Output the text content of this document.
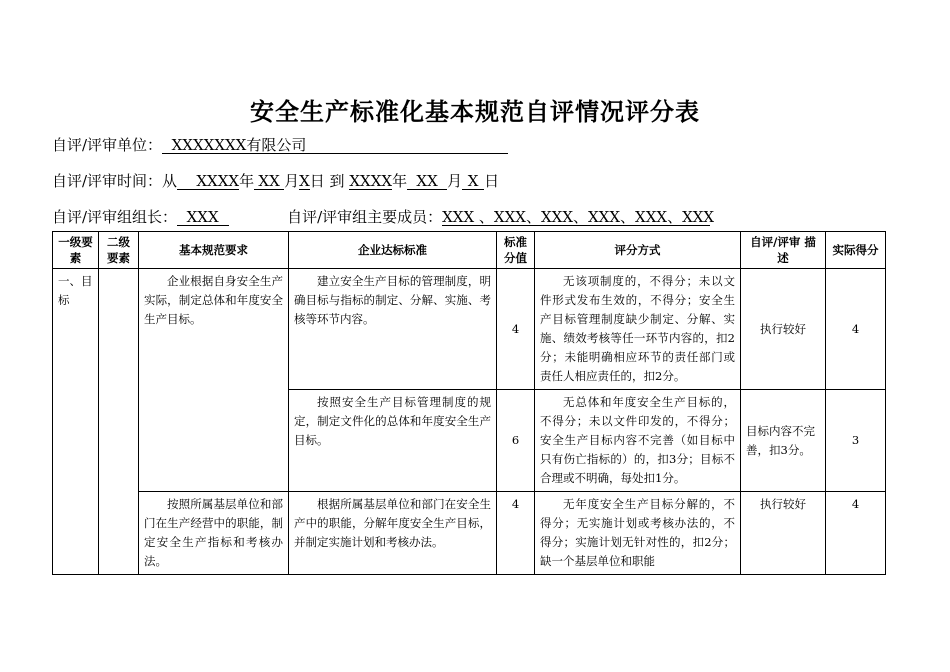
安全生产标准化基本规范自评情况评分表
自评/评审单位： XXXXXXX有限公司
自评/评审时间：从 XXXX年 XX 月X日 到 XXXX年 XX 月 X 日
自评/评审组组长： XXX	自评/评审组主要成员：XXX 、XXX、XXX、XXX、XXX、XXX
一级要素	二级要素	基本规范要求	企业达标标准	标准分值	评分方式	自评/评审 描 述	实际得分
一、目标		企业根据自身安全生产实际，制定总体和年度安全生产目标。	建立安全生产目标的管理制度，明确目标与指标的制定、分解、实施、考核等环节内容。	4	无该项制度的，不得分；未以文件形式发布生效的，不得分；安全生产目标管理制度缺少制定、分解、实施、绩效考核等任一环节内容的，扣2分；未能明确相应环节的责任部门或责任人相应责任的，扣2分。	执行较好	4
			按照安全生产目标管理制度的规定，制定文件化的总体和年度安全生产目标。	6	无总体和年度安全生产目标的，不得分；未以文件印发的，不得分；安全生产目标内容不完善（如目标中只有伤亡指标的）的，扣3分；目标不合理或不明确，每处扣1分。	目标内容不完善，扣3分。	3
		按照所属基层单位和部门在生产经营中的职能，制定安全生产指标和考核办法。	根据所属基层单位和部门在安全生产中的职能，分解年度安全生产目标，并制定实施计划和考核办法。	4	无年度安全生产目标分解的，不得分；无实施计划或考核办法的，不得分；实施计划无针对性的，扣2分；缺一个基层单位和职能	执行较好	4
